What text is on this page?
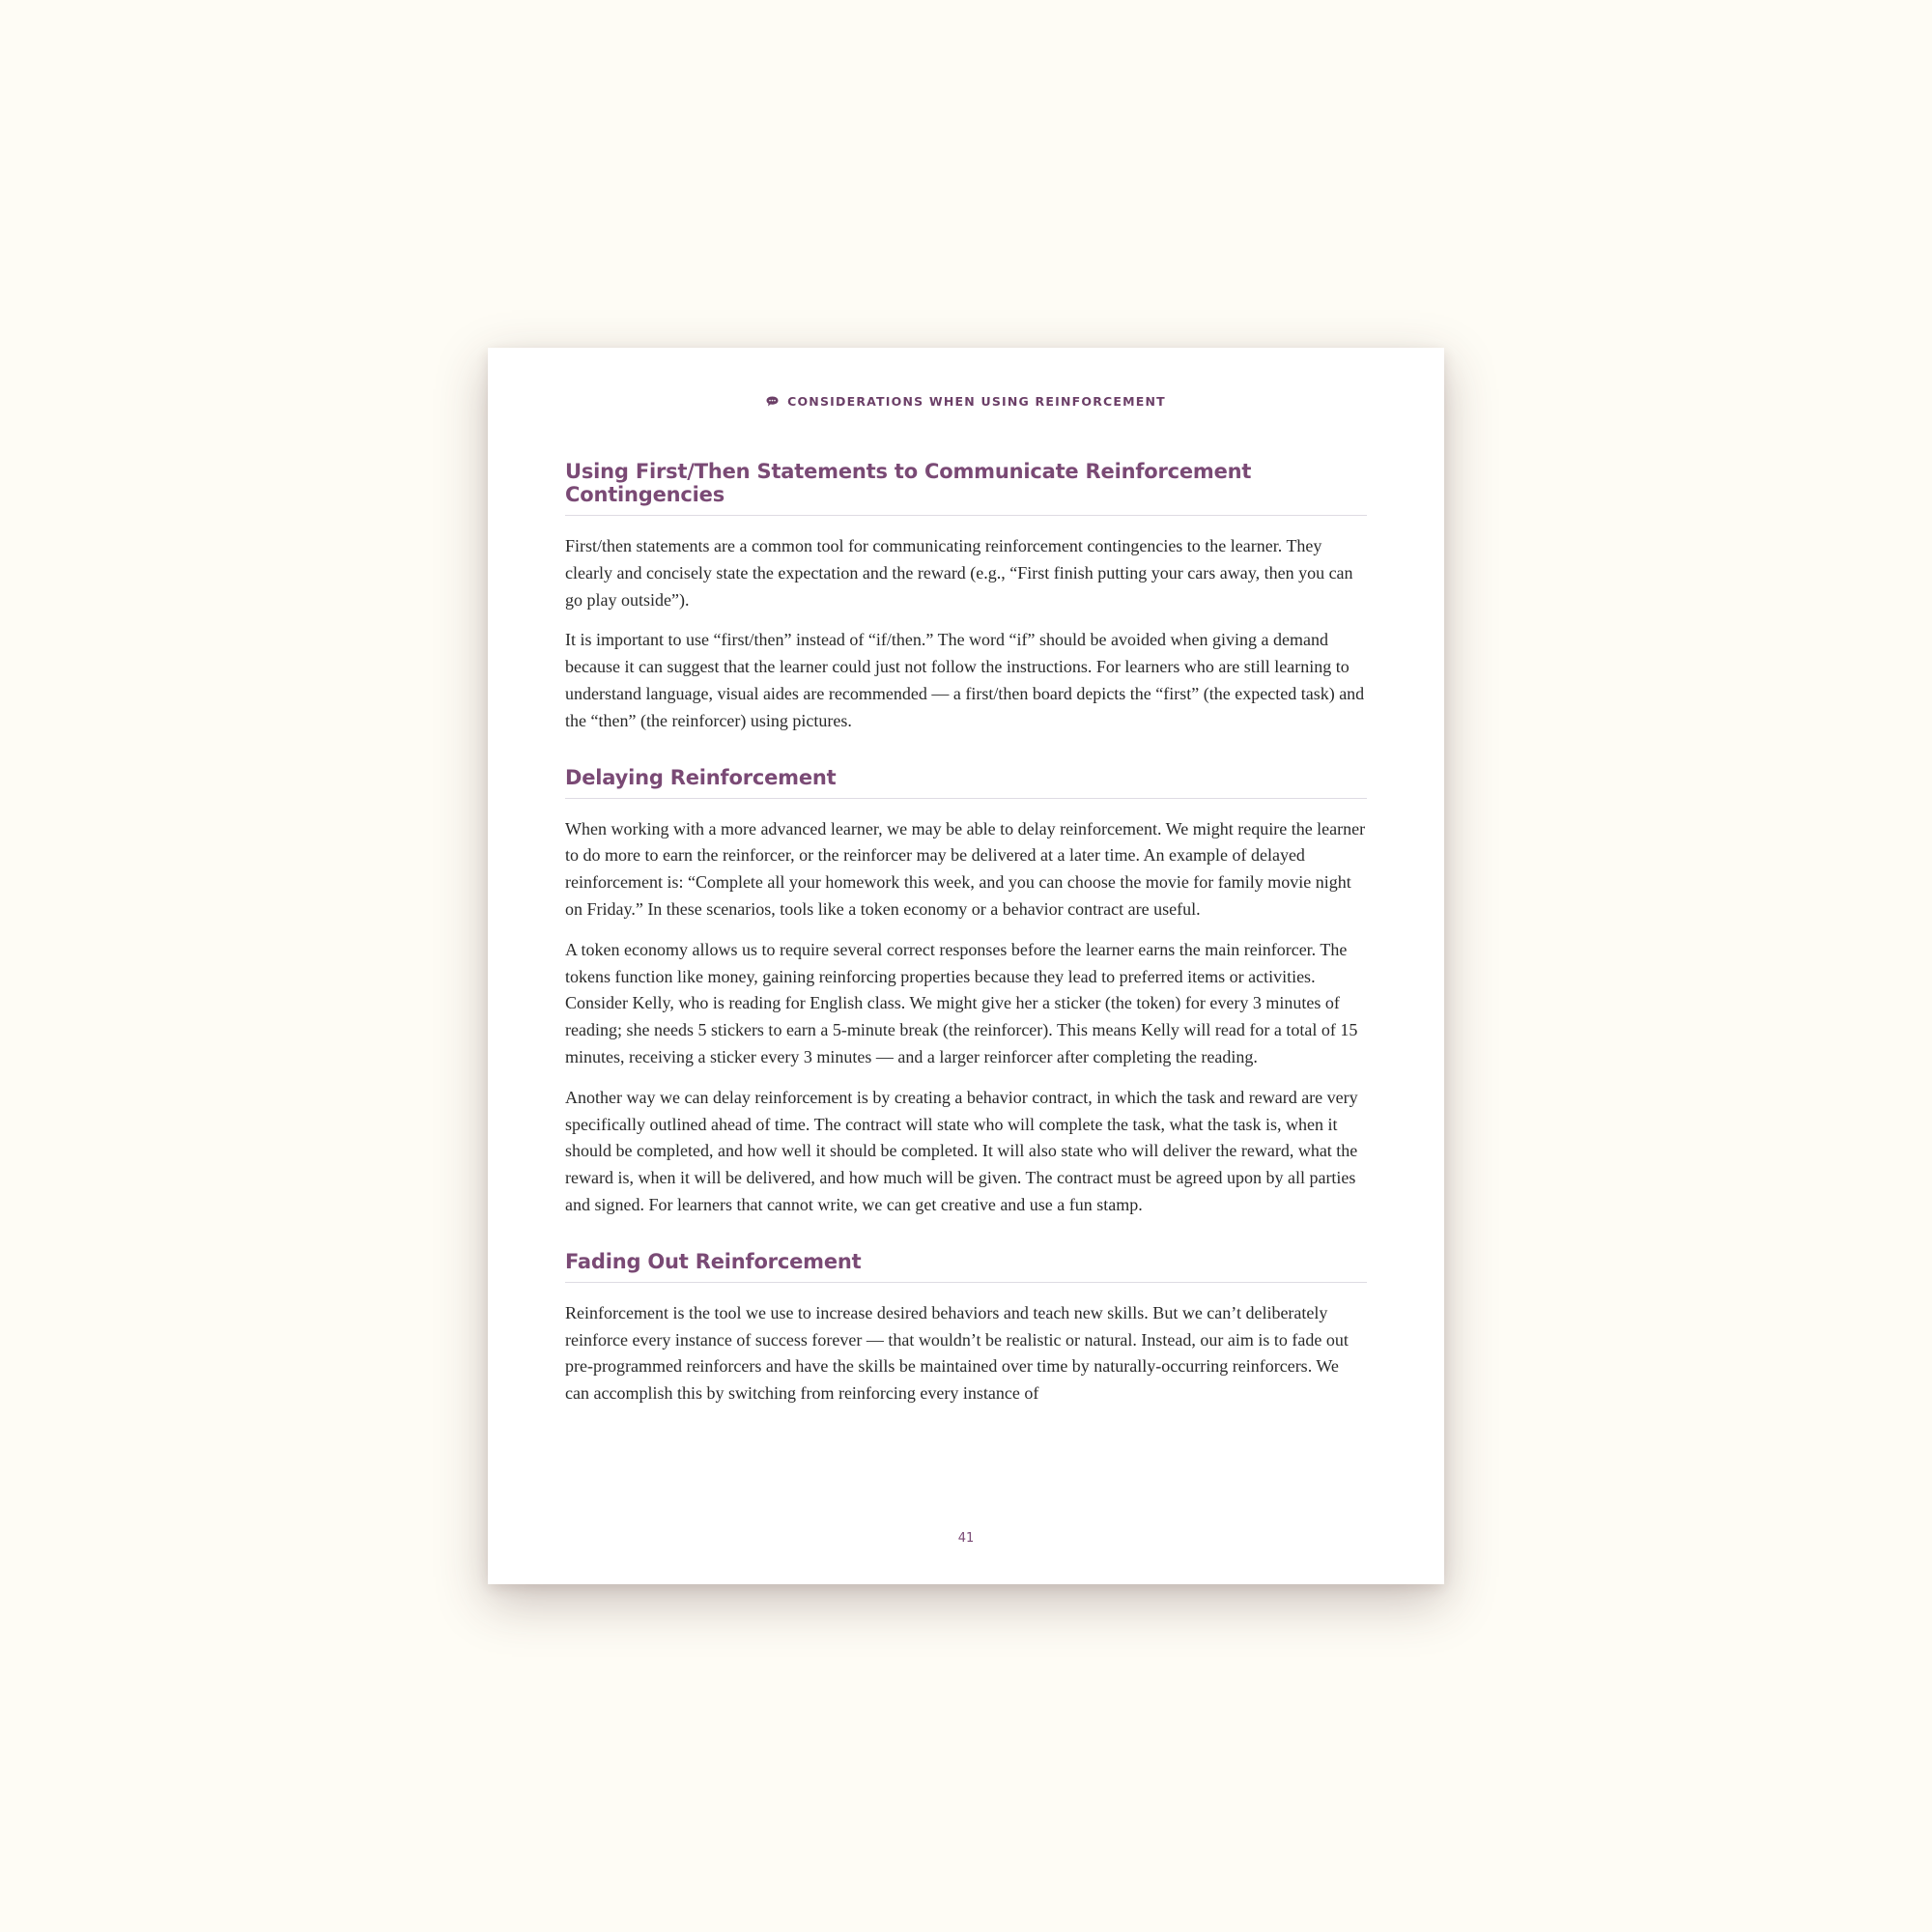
CONSIDERATIONS WHEN USING REINFORCEMENT
Using First/Then Statements to Communicate Reinforcement Contingencies

First/then statements are a common tool for communicating reinforcement contingencies to the learner. They clearly and concisely state the expectation and the reward (e.g., “First finish putting your cars away, then you can go play outside”).

It is important to use “first/then” instead of “if/then.” The word “if” should be avoided when giving a demand because it can suggest that the learner could just not follow the instructions. For learners who are still learning to understand language, visual aides are recommended — a first/then board depicts the “first” (the expected task) and the “then” (the reinforcer) using pictures.

Delaying Reinforcement

When working with a more advanced learner, we may be able to delay reinforcement. We might require the learner to do more to earn the reinforcer, or the reinforcer may be delivered at a later time. An example of delayed reinforcement is: “Complete all your homework this week, and you can choose the movie for family movie night on Friday.” In these scenarios, tools like a token economy or a behavior contract are useful.

A token economy allows us to require several correct responses before the learner earns the main reinforcer. The tokens function like money, gaining reinforcing properties because they lead to preferred items or activities. Consider Kelly, who is reading for English class. We might give her a sticker (the token) for every 3 minutes of reading; she needs 5 stickers to earn a 5-minute break (the reinforcer). This means Kelly will read for a total of 15 minutes, receiving a sticker every 3 minutes — and a larger reinforcer after completing the reading.

Another way we can delay reinforcement is by creating a behavior contract, in which the task and reward are very specifically outlined ahead of time. The contract will state who will complete the task, what the task is, when it should be completed, and how well it should be completed. It will also state who will deliver the reward, what the reward is, when it will be delivered, and how much will be given. The contract must be agreed upon by all parties and signed. For learners that cannot write, we can get creative and use a fun stamp.

Fading Out Reinforcement

Reinforcement is the tool we use to increase desired behaviors and teach new skills. But we can’t deliberately reinforce every instance of success forever — that wouldn’t be realistic or natural. Instead, our aim is to fade out pre-programmed reinforcers and have the skills be maintained over time by naturally-occurring reinforcers. We can accomplish this by switching from reinforcing every instance of

41
